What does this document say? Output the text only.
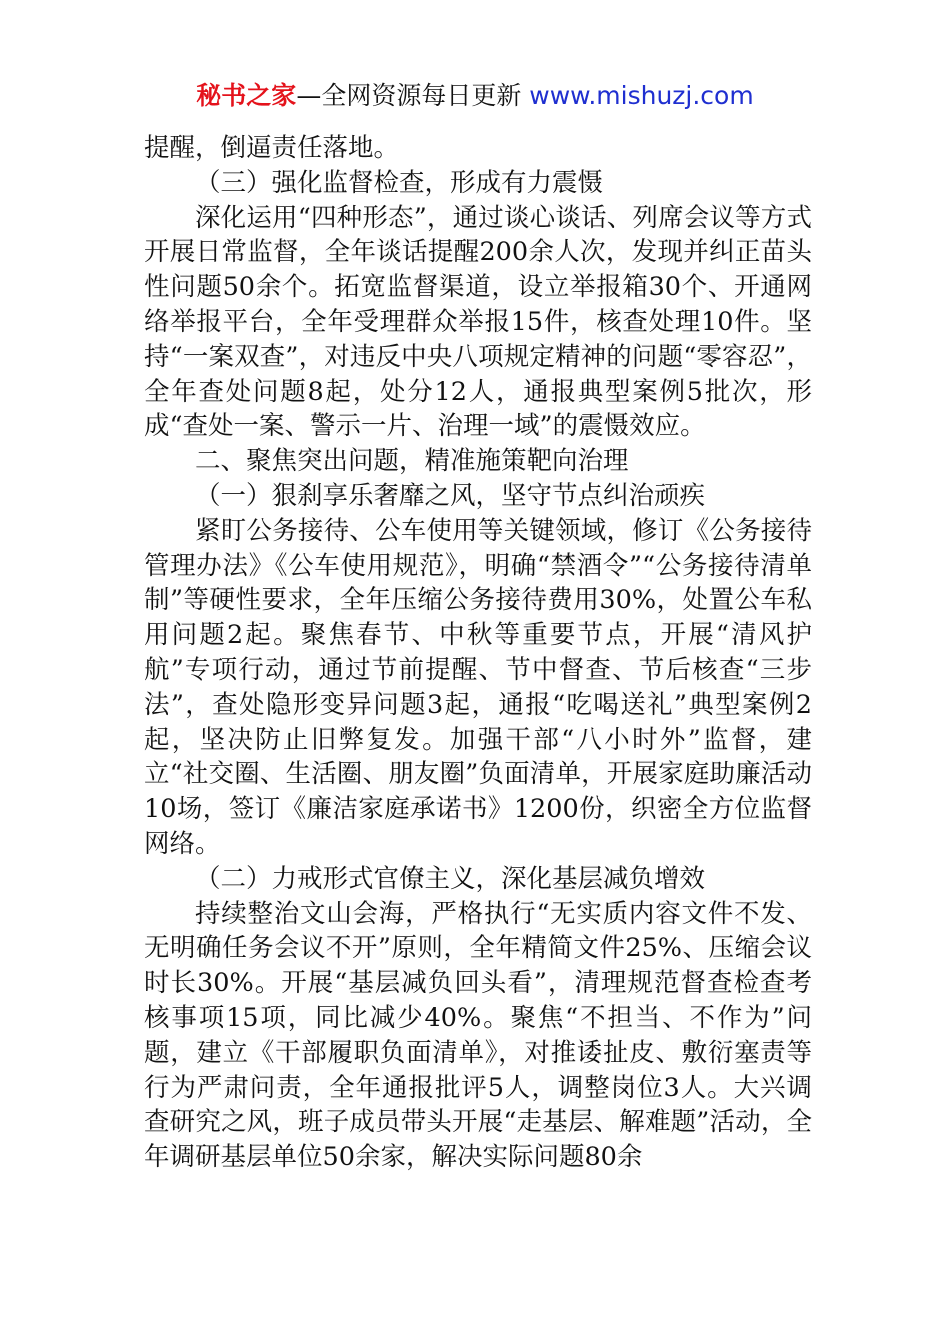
秘书之家—全网资源每日更新 www.mishuzj.com

提醒，倒逼责任落地。

（三）强化监督检查，形成有力震慑

深化运用“四种形态”，通过谈心谈话、列席会议等方式开展日常监督，全年谈话提醒200余人次，发现并纠正苗头性问题50余个。拓宽监督渠道，设立举报箱30个、开通网络举报平台，全年受理群众举报15件，核查处理10件。坚持“一案双查”，对违反中央八项规定精神的问题“零容忍”，全年查处问题8起，处分12人，通报典型案例5批次，形成“查处一案、警示一片、治理一域”的震慑效应。

二、聚焦突出问题，精准施策靶向治理

（一）狠刹享乐奢靡之风，坚守节点纠治顽疾

紧盯公务接待、公车使用等关键领域，修订《公务接待管理办法》《公车使用规范》，明确“禁酒令”“公务接待清单制”等硬性要求，全年压缩公务接待费用30%，处置公车私用问题2起。聚焦春节、中秋等重要节点，开展“清风护航”专项行动，通过节前提醒、节中督查、节后核查“三步法”，查处隐形变异问题3起，通报“吃喝送礼”典型案例2起，坚决防止旧弊复发。加强干部“八小时外”监督，建立“社交圈、生活圈、朋友圈”负面清单，开展家庭助廉活动10场，签订《廉洁家庭承诺书》1200份，织密全方位监督网络。

（二）力戒形式官僚主义，深化基层减负增效

持续整治文山会海，严格执行“无实质内容文件不发、无明确任务会议不开”原则，全年精简文件25%、压缩会议时长30%。开展“基层减负回头看”，清理规范督查检查考核事项15项，同比减少40%。聚焦“不担当、不作为”问题，建立《干部履职负面清单》，对推诿扯皮、敷衍塞责等行为严肃问责，全年通报批评5人，调整岗位3人。大兴调查研究之风，班子成员带头开展“走基层、解难题”活动，全年调研基层单位50余家，解决实际问题80余
